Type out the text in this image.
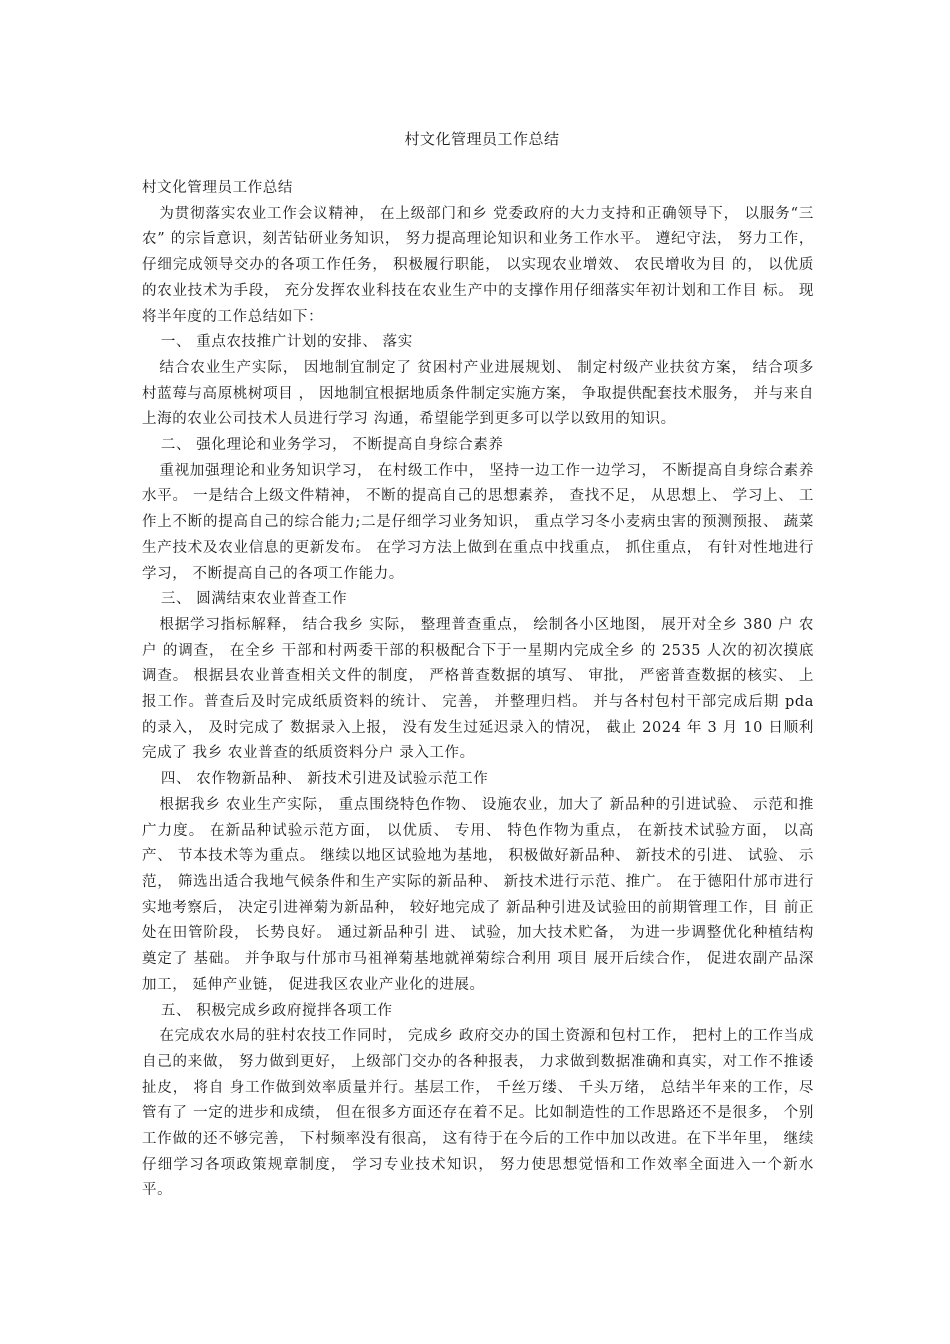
村文化管理员工作总结

村文化管理员工作总结

为贯彻落实农业工作会议精神， 在上级部门和乡 党委政府的大力支持和正确领导下， 以服务“三农” 的宗旨意识，刻苦钻研业务知识， 努力提高理论知识和业务工作水平。 遵纪守法， 努力工作， 仔细完成领导交办的各项工作任务， 积极履行职能， 以实现农业增效、 农民增收为目 的， 以优质的农业技术为手段， 充分发挥农业科技在农业生产中的支撑作用仔细落实年初计划和工作目 标。 现将半年度的工作总结如下：

一、 重点农技推广计划的安排、 落实

结合农业生产实际， 因地制宜制定了 贫困村产业进展规划、 制定村级产业扶贫方案， 结合项多村蓝莓与高原桃树项目 ， 因地制宜根据地质条件制定实施方案， 争取提供配套技术服务， 并与来自 上海的农业公司技术人员进行学习 沟通，希望能学到更多可以学以致用的知识。

二、 强化理论和业务学习， 不断提高自身综合素养

重视加强理论和业务知识学习， 在村级工作中， 坚持一边工作一边学习， 不断提高自身综合素养水平。 一是结合上级文件精神， 不断的提高自己的思想素养， 查找不足， 从思想上、 学习上、 工作上不断的提高自己的综合能力;二是仔细学习业务知识， 重点学习冬小麦病虫害的预测预报、 蔬菜生产技术及农业信息的更新发布。 在学习方法上做到在重点中找重点， 抓住重点， 有针对性地进行学习， 不断提高自己的各项工作能力。

三、 圆满结束农业普查工作

根据学习指标解释， 结合我乡 实际， 整理普查重点， 绘制各小区地图， 展开对全乡 380 户 农户 的调查， 在全乡 干部和村两委干部的积极配合下于一星期内完成全乡 的 2535 人次的初次摸底调查。 根据县农业普查相关文件的制度， 严格普查数据的填写、 审批， 严密普查数据的核实、 上报工作。普查后及时完成纸质资料的统计、 完善， 并整理归档。 并与各村包村干部完成后期 pda 的录入， 及时完成了 数据录入上报， 没有发生过延迟录入的情况， 截止 2024 年 3 月 10 日顺利完成了 我乡 农业普查的纸质资料分户 录入工作。

四、 农作物新品种、 新技术引进及试验示范工作

根据我乡 农业生产实际， 重点围绕特色作物、 设施农业，加大了 新品种的引进试验、 示范和推广力度。 在新品种试验示范方面， 以优质、 专用、 特色作物为重点， 在新技术试验方面， 以高产、 节本技术等为重点。 继续以地区试验地为基地， 积极做好新品种、 新技术的引进、 试验、 示范， 筛选出适合我地气候条件和生产实际的新品种、 新技术进行示范、推广。 在于德阳什邡市进行实地考察后， 决定引进禅菊为新品种， 较好地完成了 新品种引进及试验田的前期管理工作，目 前正处在田管阶段， 长势良好。 通过新品种引 进、 试验，加大技术贮备， 为进一步调整优化种植结构奠定了 基础。 并争取与什邡市马祖禅菊基地就禅菊综合利用 项目 展开后续合作， 促进农副产品深加工， 延伸产业链， 促进我区农业产业化的进展。

五、 积极完成乡政府搅拌各项工作

在完成农水局的驻村农技工作同时， 完成乡 政府交办的国土资源和包村工作， 把村上的工作当成自己的来做， 努力做到更好， 上级部门交办的各种报表， 力求做到数据准确和真实，对工作不推诿扯皮， 将自 身工作做到效率质量并行。基层工作， 千丝万缕、 千头万绪， 总结半年来的工作，尽管有了 一定的进步和成绩， 但在很多方面还存在着不足。比如制造性的工作思路还不是很多， 个别工作做的还不够完善， 下村频率没有很高， 这有待于在今后的工作中加以改进。在下半年里， 继续仔细学习各项政策规章制度， 学习专业技术知识， 努力使思想觉悟和工作效率全面进入一个新水平。
